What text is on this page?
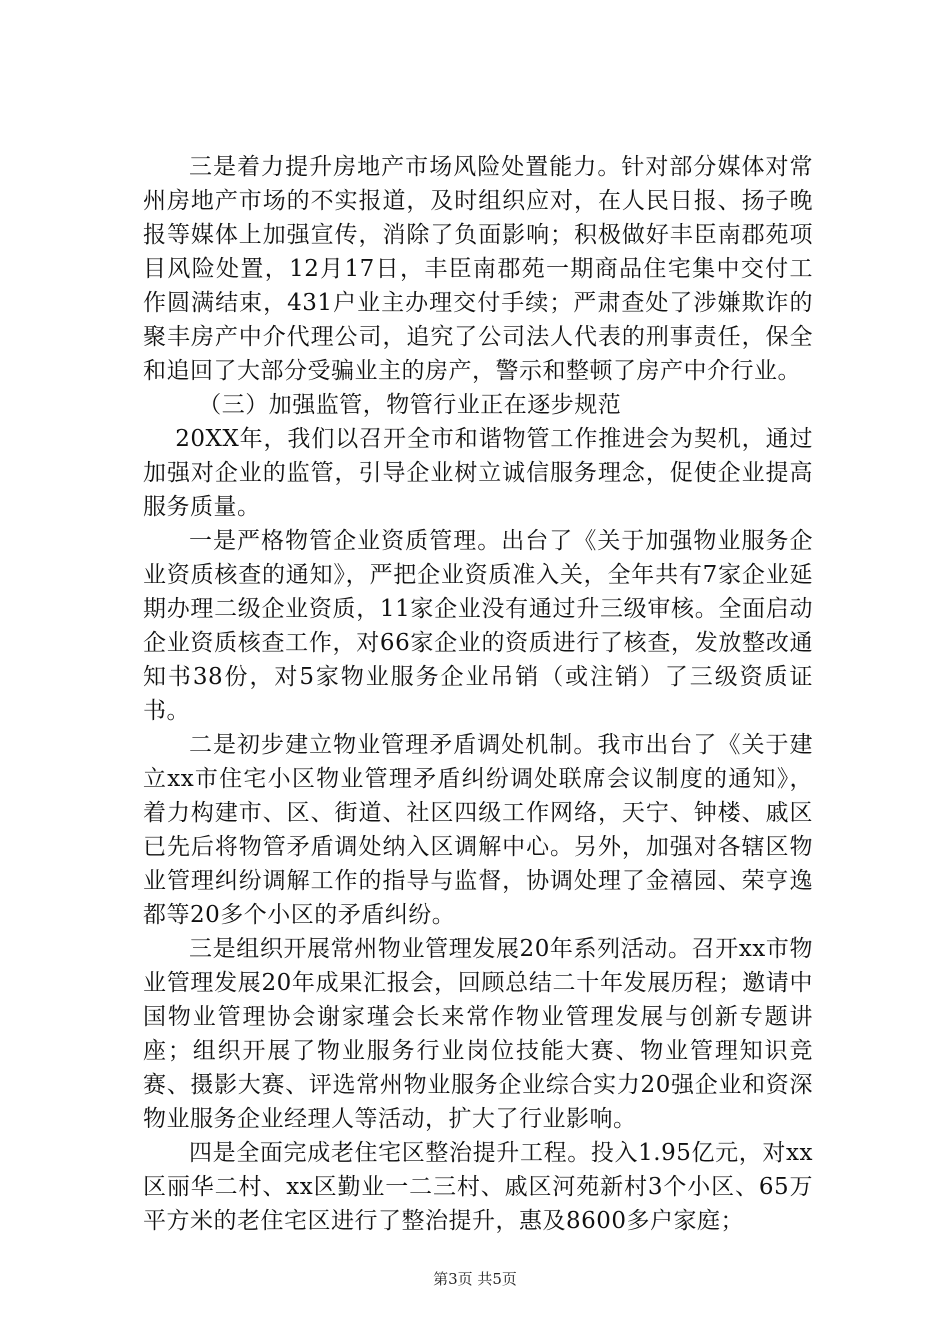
三是着力提升房地产市场风险处置能力。针对部分媒体对常州房地产市场的不实报道，及时组织应对，在人民日报、扬子晚报等媒体上加强宣传，消除了负面影响；积极做好丰臣南郡苑项目风险处置，12月17日，丰臣南郡苑一期商品住宅集中交付工作圆满结束，431户业主办理交付手续；严肃查处了涉嫌欺诈的聚丰房产中介代理公司，追究了公司法人代表的刑事责任，保全和追回了大部分受骗业主的房产，警示和整顿了房产中介行业。

（三）加强监管，物管行业正在逐步规范

20XX年，我们以召开全市和谐物管工作推进会为契机，通过加强对企业的监管，引导企业树立诚信服务理念，促使企业提高服务质量。

一是严格物管企业资质管理。出台了《关于加强物业服务企业资质核查的通知》，严把企业资质准入关，全年共有7家企业延期办理二级企业资质，11家企业没有通过升三级审核。全面启动企业资质核查工作，对66家企业的资质进行了核查，发放整改通知书38份，对5家物业服务企业吊销（或注销）了三级资质证书。

二是初步建立物业管理矛盾调处机制。我市出台了《关于建立xx市住宅小区物业管理矛盾纠纷调处联席会议制度的通知》，着力构建市、区、街道、社区四级工作网络，天宁、钟楼、戚区已先后将物管矛盾调处纳入区调解中心。另外，加强对各辖区物业管理纠纷调解工作的指导与监督，协调处理了金禧园、荣亨逸都等20多个小区的矛盾纠纷。

三是组织开展常州物业管理发展20年系列活动。召开xx市物业管理发展20年成果汇报会，回顾总结二十年发展历程；邀请中国物业管理协会谢家瑾会长来常作物业管理发展与创新专题讲座；组织开展了物业服务行业岗位技能大赛、物业管理知识竞赛、摄影大赛、评选常州物业服务企业综合实力20强企业和资深物业服务企业经理人等活动，扩大了行业影响。

四是全面完成老住宅区整治提升工程。投入1.95亿元，对xx区丽华二村、xx区勤业一二三村、戚区河苑新村3个小区、65万平方米的老住宅区进行了整治提升，惠及8600多户家庭；

第3页 共5页
